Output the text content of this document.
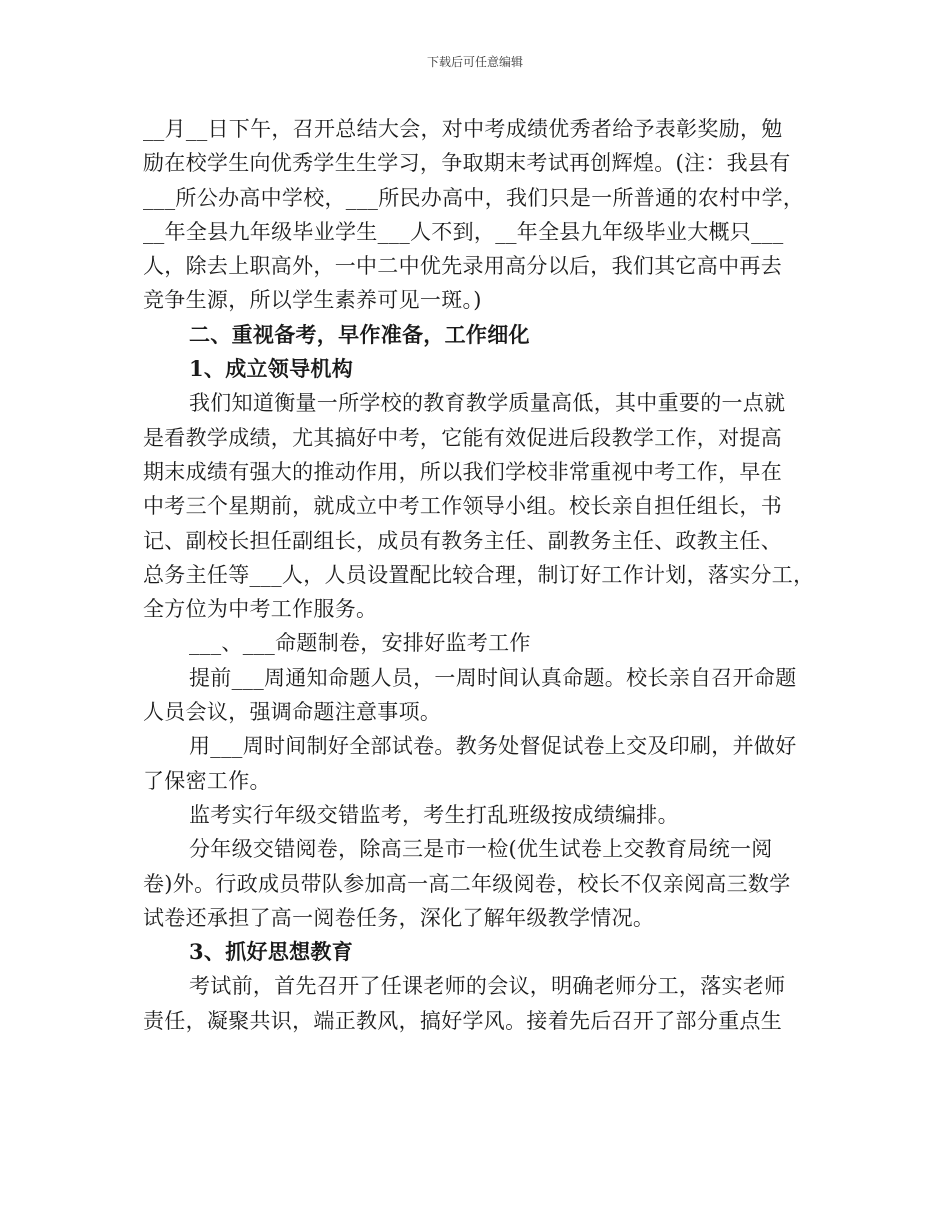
下载后可任意编辑
__月__日下午，召开总结大会，对中考成绩优秀者给予表彰奖励，勉
励在校学生向优秀学生生学习，争取期末考试再创辉煌。(注：我县有
___所公办高中学校，___所民办高中，我们只是一所普通的农村中学，
__年全县九年级毕业学生___人不到，__年全县九年级毕业大概只___
人，除去上职高外，一中二中优先录用高分以后，我们其它高中再去
竞争生源，所以学生素养可见一斑。)
二、重视备考，早作准备，工作细化
1、成立领导机构
我们知道衡量一所学校的教育教学质量高低，其中重要的一点就
是看教学成绩，尤其搞好中考，它能有效促进后段教学工作，对提高
期末成绩有强大的推动作用，所以我们学校非常重视中考工作，早在
中考三个星期前，就成立中考工作领导小组。校长亲自担任组长，书
记、副校长担任副组长，成员有教务主任、副教务主任、政教主任、
总务主任等___人，人员设置配比较合理，制订好工作计划，落实分工，
全方位为中考工作服务。
___、___命题制卷，安排好监考工作
提前___周通知命题人员，一周时间认真命题。校长亲自召开命题
人员会议，强调命题注意事项。
用___周时间制好全部试卷。教务处督促试卷上交及印刷，并做好
了保密工作。
监考实行年级交错监考，考生打乱班级按成绩编排。
分年级交错阅卷，除高三是市一检(优生试卷上交教育局统一阅
卷)外。行政成员带队参加高一高二年级阅卷，校长不仅亲阅高三数学
试卷还承担了高一阅卷任务，深化了解年级教学情况。
3、抓好思想教育
考试前，首先召开了任课老师的会议，明确老师分工，落实老师
责任，凝聚共识，端正教风，搞好学风。接着先后召开了部分重点生
